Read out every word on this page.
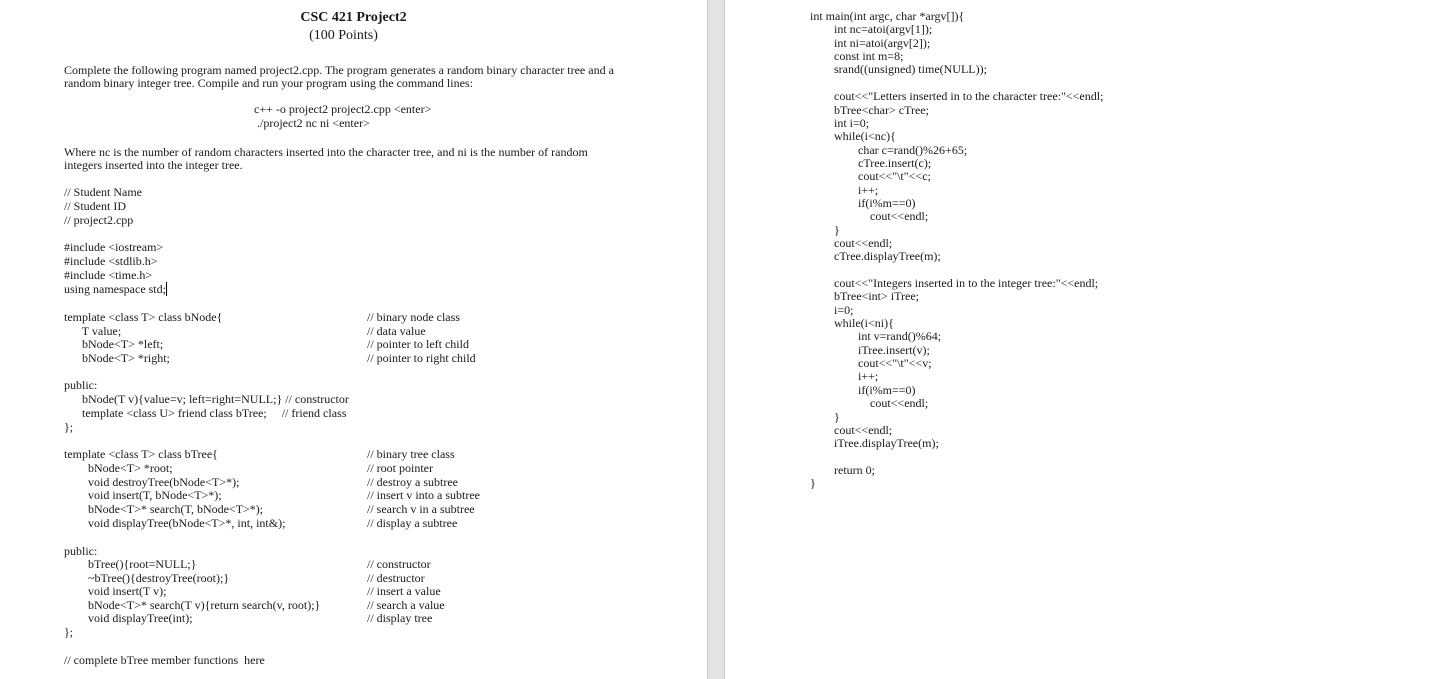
CSC 421 Project2
(100 Points)
Complete the following program named project2.cpp. The program generates a random binary character tree and a random binary integer tree. Compile and run your program using the command lines:
c++ -o project2 project2.cpp <enter>
./project2 nc ni <enter>
Where nc is the number of random characters inserted into the character tree, and ni is the number of random integers inserted into the integer tree.
// Student Name
// Student ID
// project2.cpp
#include <iostream>
#include <stdlib.h>
#include <time.h>
using namespace std;
template <class T> class bNode{	// binary node class
T value;	// data value
bNode<T> *left;	// pointer to left child
bNode<T> *right;	// pointer to right child
public:
bNode(T v){value=v; left=right=NULL;} // constructor
template <class U> friend class bTree;     // friend class
};
template <class T> class bTree{	// binary tree class
bNode<T> *root;	// root pointer
void destroyTree(bNode<T>*);	// destroy a subtree
void insert(T, bNode<T>*);	// insert v into a subtree
bNode<T>* search(T, bNode<T>*);	// search v in a subtree
void displayTree(bNode<T>*, int, int&);	// display a subtree
public:
bTree(){root=NULL;}	// constructor
~bTree(){destroyTree(root);}	// destructor
void insert(T v);	// insert a value
bNode<T>* search(T v){return search(v, root);}	// search a value
void displayTree(int);	// display tree
};
// complete bTree member functions  here
int main(int argc, char *argv[]){
int nc=atoi(argv[1]);
int ni=atoi(argv[2]);
const int m=8;
srand((unsigned) time(NULL));
cout<<"Letters inserted in to the character tree:"<<endl;
bTree<char> cTree;
int i=0;
while(i<nc){
char c=rand()%26+65;
cTree.insert(c);
cout<<"\t"<<c;
i++;
if(i%m==0)
cout<<endl;
}
cout<<endl;
cTree.displayTree(m);
cout<<"Integers inserted in to the integer tree:"<<endl;
bTree<int> iTree;
i=0;
while(i<ni){
int v=rand()%64;
iTree.insert(v);
cout<<"\t"<<v;
i++;
if(i%m==0)
cout<<endl;
}
cout<<endl;
iTree.displayTree(m);
return 0;
}
